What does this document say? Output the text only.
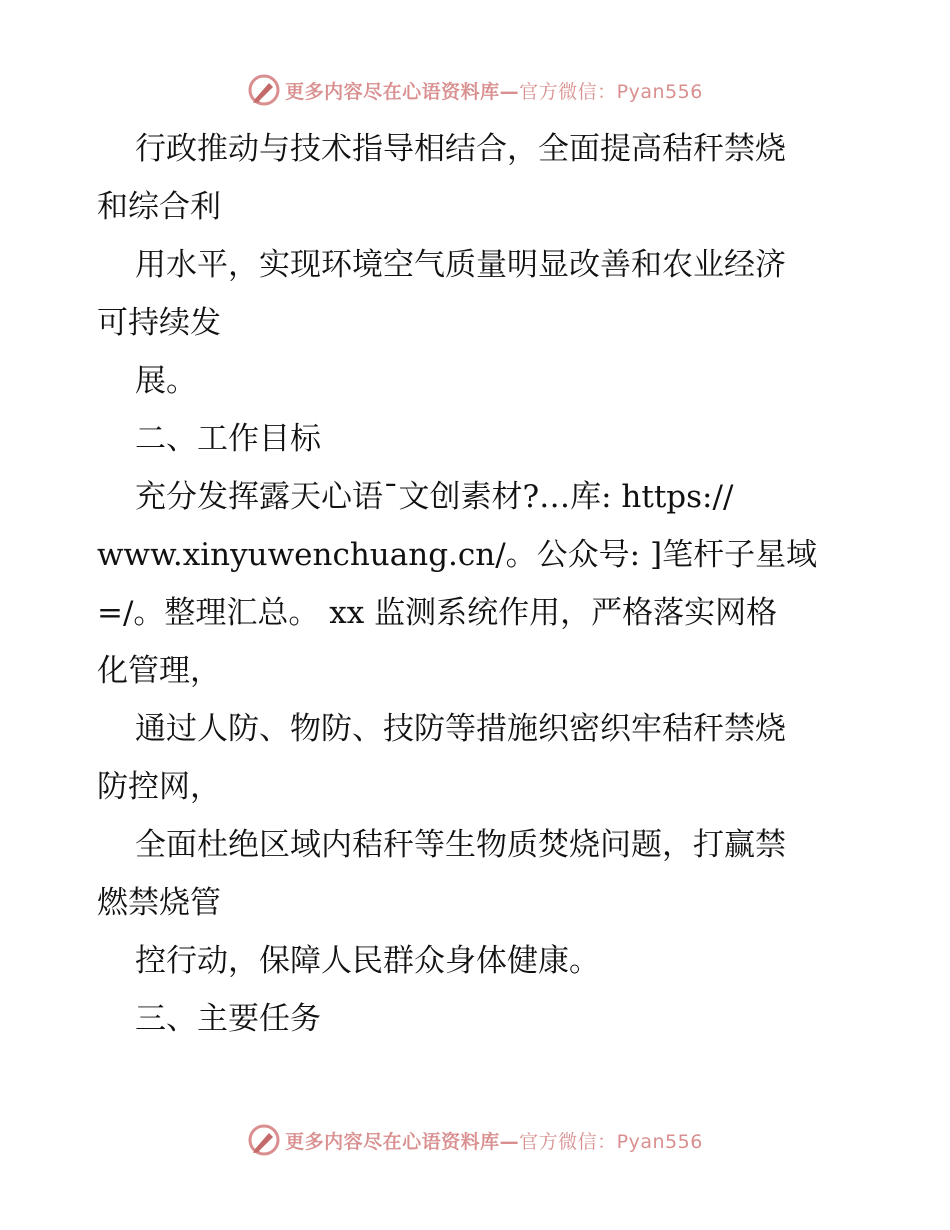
更多内容尽在心语资料库—官方微信：Pyan556
行政推动与技术指导相结合，全面提高秸秆禁烧
和综合利
用水平，实现环境空气质量明显改善和农业经济
可持续发
展。
二、工作目标
充分发挥露天心语¯文创素材?…库: https://
www.xinyuwenchuang.cn/。公众号: ]笔杆子星域
=/。整理汇总。 xx 监测系统作用，严格落实网格
化管理，
通过人防、物防、技防等措施织密织牢秸秆禁烧
防控网，
全面杜绝区域内秸秆等生物质焚烧问题，打赢禁
燃禁烧管
控行动，保障人民群众身体健康。
三、主要任务
更多内容尽在心语资料库—官方微信：Pyan556
